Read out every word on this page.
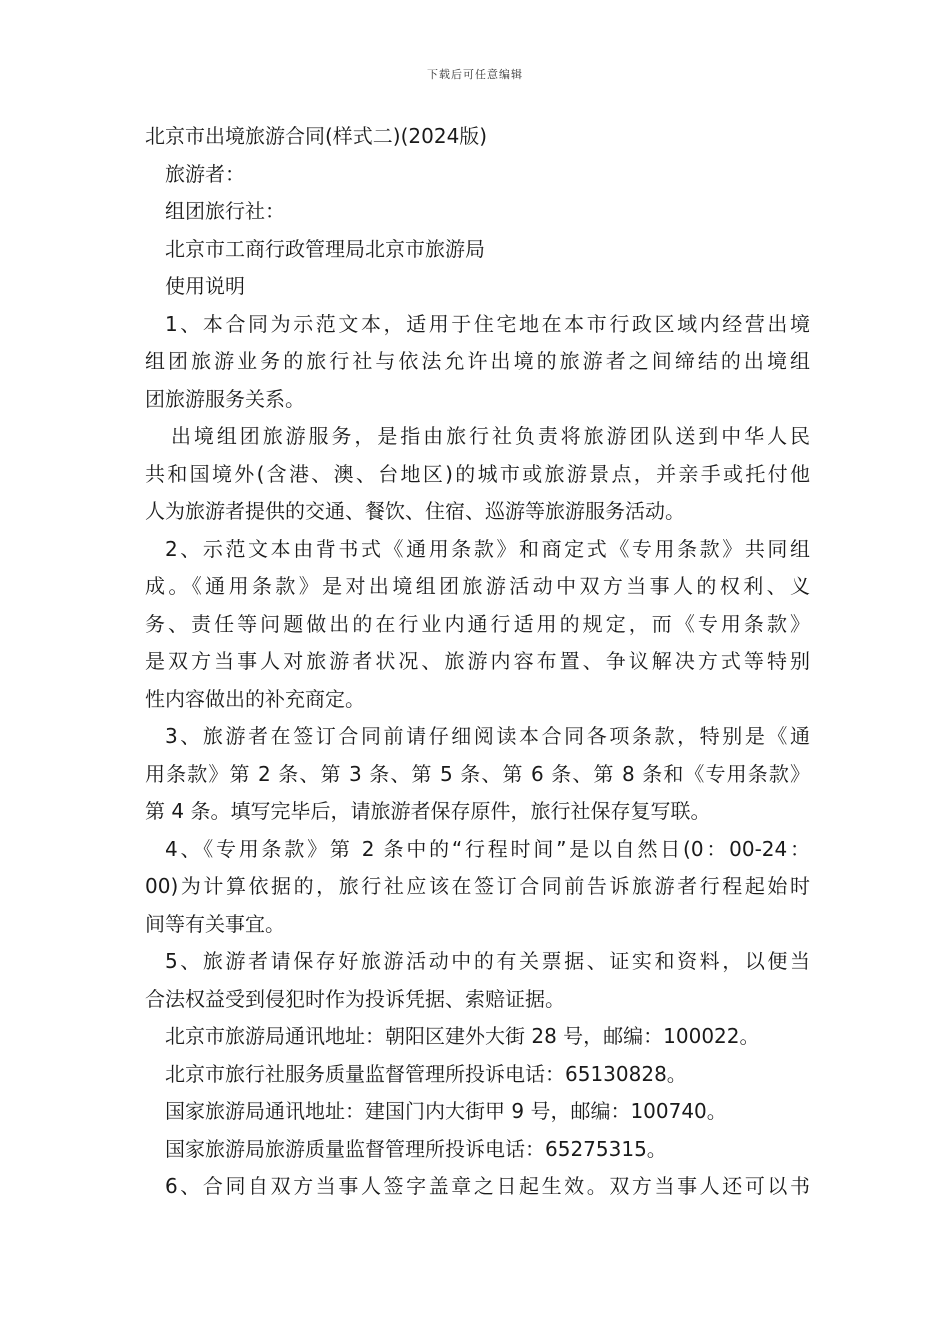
下载后可任意编辑

北京市出境旅游合同(样式二)(2024版)

旅游者：

组团旅行社：

北京市工商行政管理局北京市旅游局

使用说明

1、本合同为示范文本，适用于住宅地在本市行政区域内经营出境

组团旅游业务的旅行社与依法允许出境的旅游者之间缔结的出境组

团旅游服务关系。

出境组团旅游服务，是指由旅行社负责将旅游团队送到中华人民

共和国境外(含港、澳、台地区)的城市或旅游景点，并亲手或托付他

人为旅游者提供的交通、餐饮、住宿、巡游等旅游服务活动。

2、示范文本由背书式《通用条款》和商定式《专用条款》共同组

成。《通用条款》是对出境组团旅游活动中双方当事人的权利、义

务、责任等问题做出的在行业内通行适用的规定，而《专用条款》

是双方当事人对旅游者状况、旅游内容布置、争议解决方式等特别

性内容做出的补充商定。

3、旅游者在签订合同前请仔细阅读本合同各项条款，特别是《通

用条款》第 2 条、第 3 条、第 5 条、第 6 条、第 8 条和《专用条款》

第 4 条。填写完毕后，请旅游者保存原件，旅行社保存复写联。

4、《专用条款》第 2 条中的“行程时间”是以自然日(0：00-24：

00)为计算依据的，旅行社应该在签订合同前告诉旅游者行程起始时

间等有关事宜。

5、旅游者请保存好旅游活动中的有关票据、证实和资料，以便当

合法权益受到侵犯时作为投诉凭据、索赔证据。

北京市旅游局通讯地址：朝阳区建外大街 28 号，邮编：100022。

北京市旅行社服务质量监督管理所投诉电话：65130828。

国家旅游局通讯地址：建国门内大街甲 9 号，邮编：100740。

国家旅游局旅游质量监督管理所投诉电话：65275315。

6、合同自双方当事人签字盖章之日起生效。双方当事人还可以书
